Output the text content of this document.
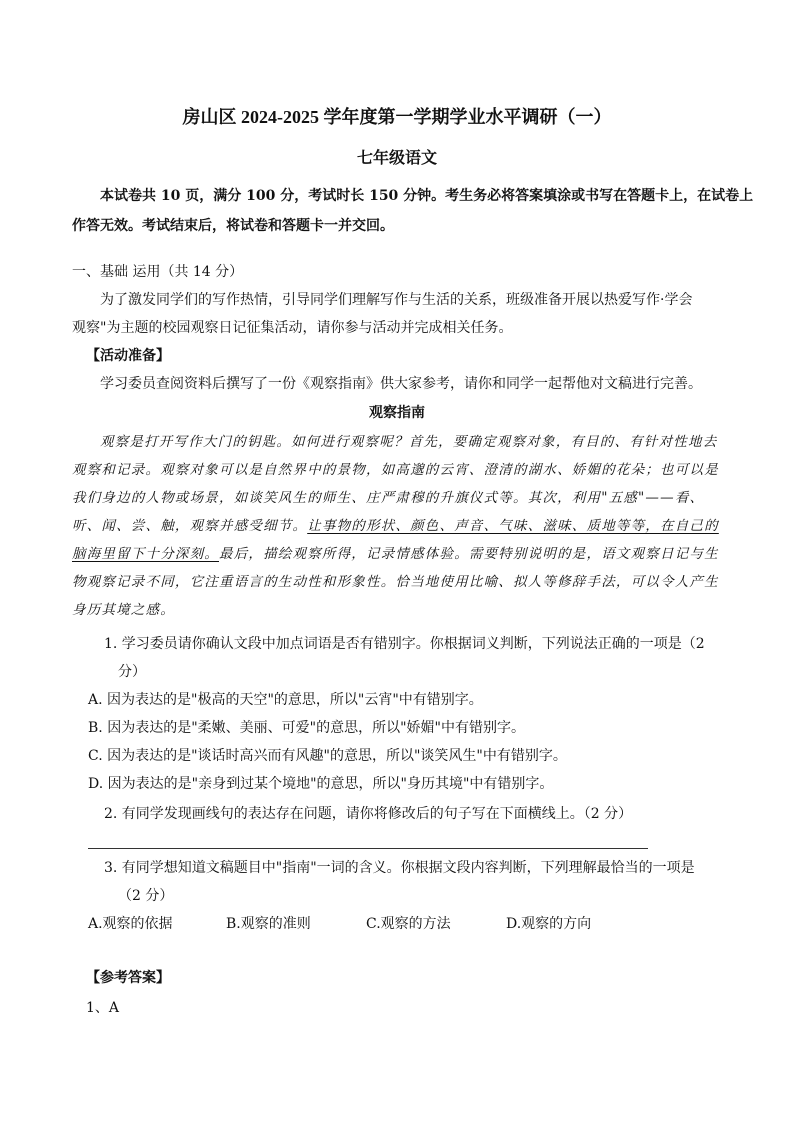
房山区 2024-2025 学年度第一学期学业水平调研（一）
七年级语文
本试卷共 10 页，满分 100 分，考试时长 150 分钟。考生务必将答案填涂或书写在答题卡上，在试卷上
作答无效。考试结束后，将试卷和答题卡一并交回。
一、基础 运用（共 14 分）
为了激发同学们的写作热情，引导同学们理解写作与生活的关系，班级准备开展以热爱写作·学会
观察"为主题的校园观察日记征集活动，请你参与活动并完成相关任务。
【活动准备】
学习委员查阅资料后撰写了一份《观察指南》供大家参考，请你和同学一起帮他对文稿进行完善。
观察指南
观察是打开写作大门的钥匙。如何进行观察呢？首先，要确定观察对象，有目的、有针对性地去
观察和记录。观察对象可以是自然界中的景物，如高邈的云宵、澄清的湖水、娇媚的花朵；也可以是
我们身边的人物或场景，如谈笑风生的师生、庄严肃穆的升旗仪式等。其次，利用"五感"——看、
听、闻、尝、触，观察并感受细节。让事物的形状、颜色、声音、气味、滋味、质地等等，在自己的
脑海里留下十分深刻。最后，描绘观察所得，记录情感体验。需要特别说明的是，语文观察日记与生
物观察记录不同，它注重语言的生动性和形象性。恰当地使用比喻、拟人等修辞手法，可以令人产生
身历其境之感。
1. 学习委员请你确认文段中加点词语是否有错别字。你根据词义判断，下列说法正确的一项是（2
分）
A. 因为表达的是"极高的天空"的意思，所以"云宵"中有错别字。
B. 因为表达的是"柔嫩、美丽、可爱"的意思，所以"娇媚"中有错别字。
C. 因为表达的是"谈话时高兴而有风趣"的意思，所以"谈笑风生"中有错别字。
D. 因为表达的是"亲身到过某个境地"的意思，所以"身历其境"中有错别字。
2. 有同学发现画线句的表达存在问题，请你将修改后的句子写在下面横线上。（2 分）
3. 有同学想知道文稿题目中"指南"一词的含义。你根据文段内容判断，下列理解最恰当的一项是
（2 分）
A.观察的依据	B.观察的准则	C.观察的方法	D.观察的方向
【参考答案】
1、A
